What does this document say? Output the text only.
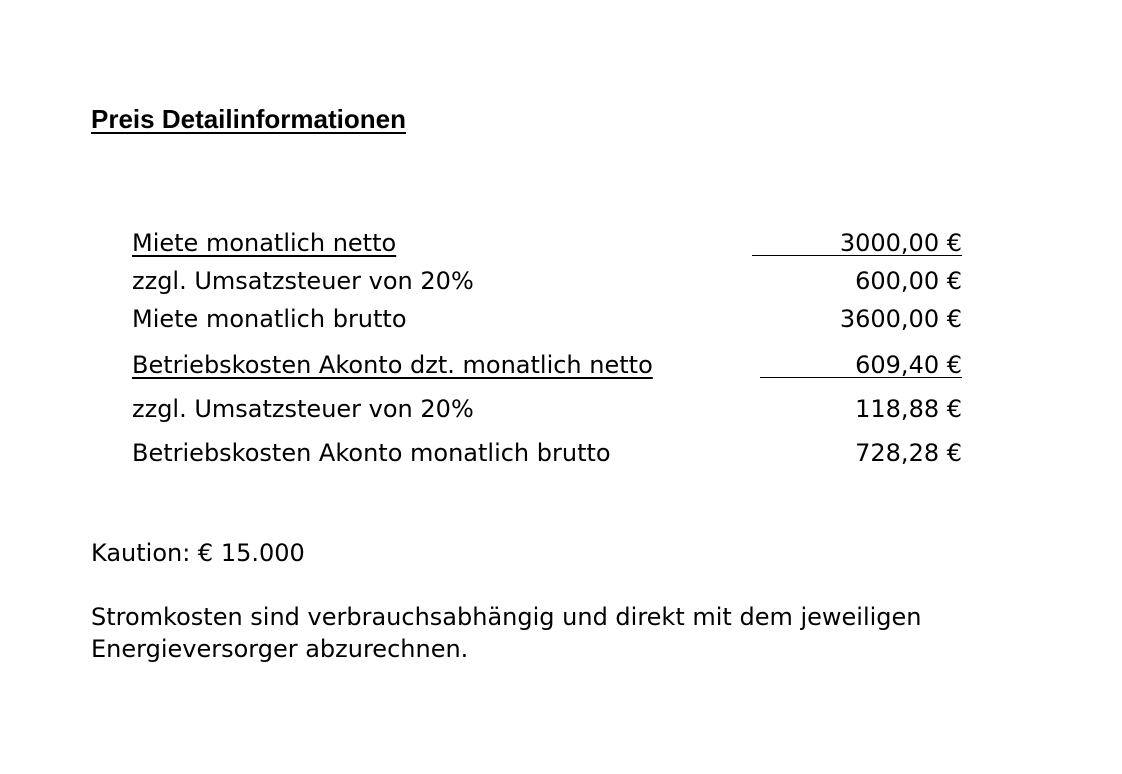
Preis Detailinformationen
Miete monatlich netto	3000,00 €
zzgl. Umsatzsteuer von 20%	600,00 €
Miete monatlich brutto	3600,00 €
Betriebskosten Akonto dzt. monatlich netto	609,40 €
zzgl. Umsatzsteuer von 20%	118,88 €
Betriebskosten Akonto monatlich brutto	728,28 €
Kaution: € 15.000
Stromkosten sind verbrauchsabhängig und direkt mit dem jeweiligen
Energieversorger abzurechnen.
